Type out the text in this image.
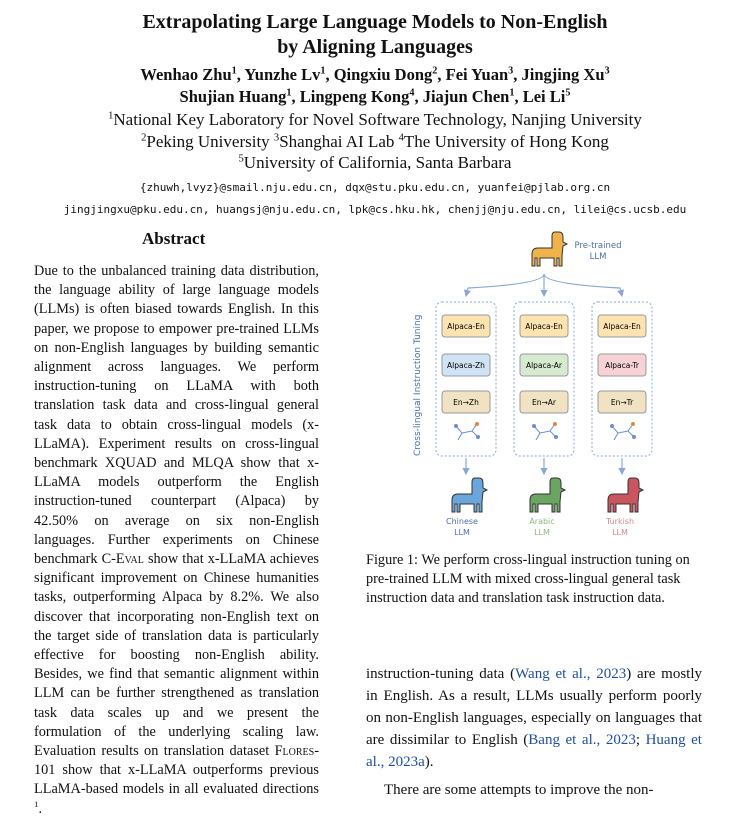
Extrapolating Large Language Models to Non-English
by Aligning Languages
Wenhao Zhu$^1$, Yunzhe Lv$^1$, Qingxiu Dong$^2$, Fei Yuan$^3$, Jingjing Xu$^3$
Shujian Huang$^1$, Lingpeng Kong$^4$, Jiajun Chen$^1$, Lei Li$^5$
$^1$National Key Laboratory for Novel Software Technology, Nanjing University
$^2$Peking University $^3$Shanghai AI Lab $^4$The University of Hong Kong
$^5$University of California, Santa Barbara
{zhuwh,lvyz}@smail.nju.edu.cn, dqx@stu.pku.edu.cn, yuanfei@pjlab.org.cn
jingjingxu@pku.edu.cn, huangsj@nju.edu.cn, lpk@cs.hku.hk, chenjj@nju.edu.cn, lilei@cs.ucsb.edu
Abstract
Due to the unbalanced training data distribution, the language ability of large language models (LLMs) is often biased towards English. In this paper, we propose to empower pre-trained LLMs on non-English languages by building semantic alignment across languages. We perform instruction-tuning on LLaMA with both translation task data and cross-lingual general task data to obtain cross-lingual models (x-LLaMA). Experiment results on cross-lingual benchmark XQUAD and MLQA show that x-LLaMA models outperform the English instruction-tuned counterpart (Alpaca) by 42.50% on average on six non-English languages. Further experiments on Chinese benchmark C-Eval show that x-LLaMA achieves significant improvement on Chinese humanities tasks, outperforming Alpaca by 8.2%. We also discover that incorporating non-English text on the target side of translation data is particularly effective for boosting non-English ability. Besides, we find that semantic alignment within LLM can be further strengthened as translation task data scales up and we present the formulation of the underlying scaling law. Evaluation results on translation dataset Flores-101 show that x-LLaMA outperforms previous LLaMA-based models in all evaluated directions $^1$.
Pre-trained
LLM
Cross-lingual Instruction Tuning	Alpaca-En
Alpaca-Zh
En→Zh
Alpaca-En
Alpaca-Ar
En→Ar
Alpaca-En
Alpaca-Tr
En→Tr
Chinese
LLM
Arabic
LLM
Turkish
LLM
Figure 1: We perform cross-lingual instruction tuning on pre-trained LLM with mixed cross-lingual general task instruction data and translation task instruction data.
instruction-tuning data (Wang et al., 2023) are mostly in English. As a result, LLMs usually perform poorly on non-English languages, especially on languages that are dissimilar to English (Bang et al., 2023; Huang et al., 2023a).
There are some attempts to improve the non-
